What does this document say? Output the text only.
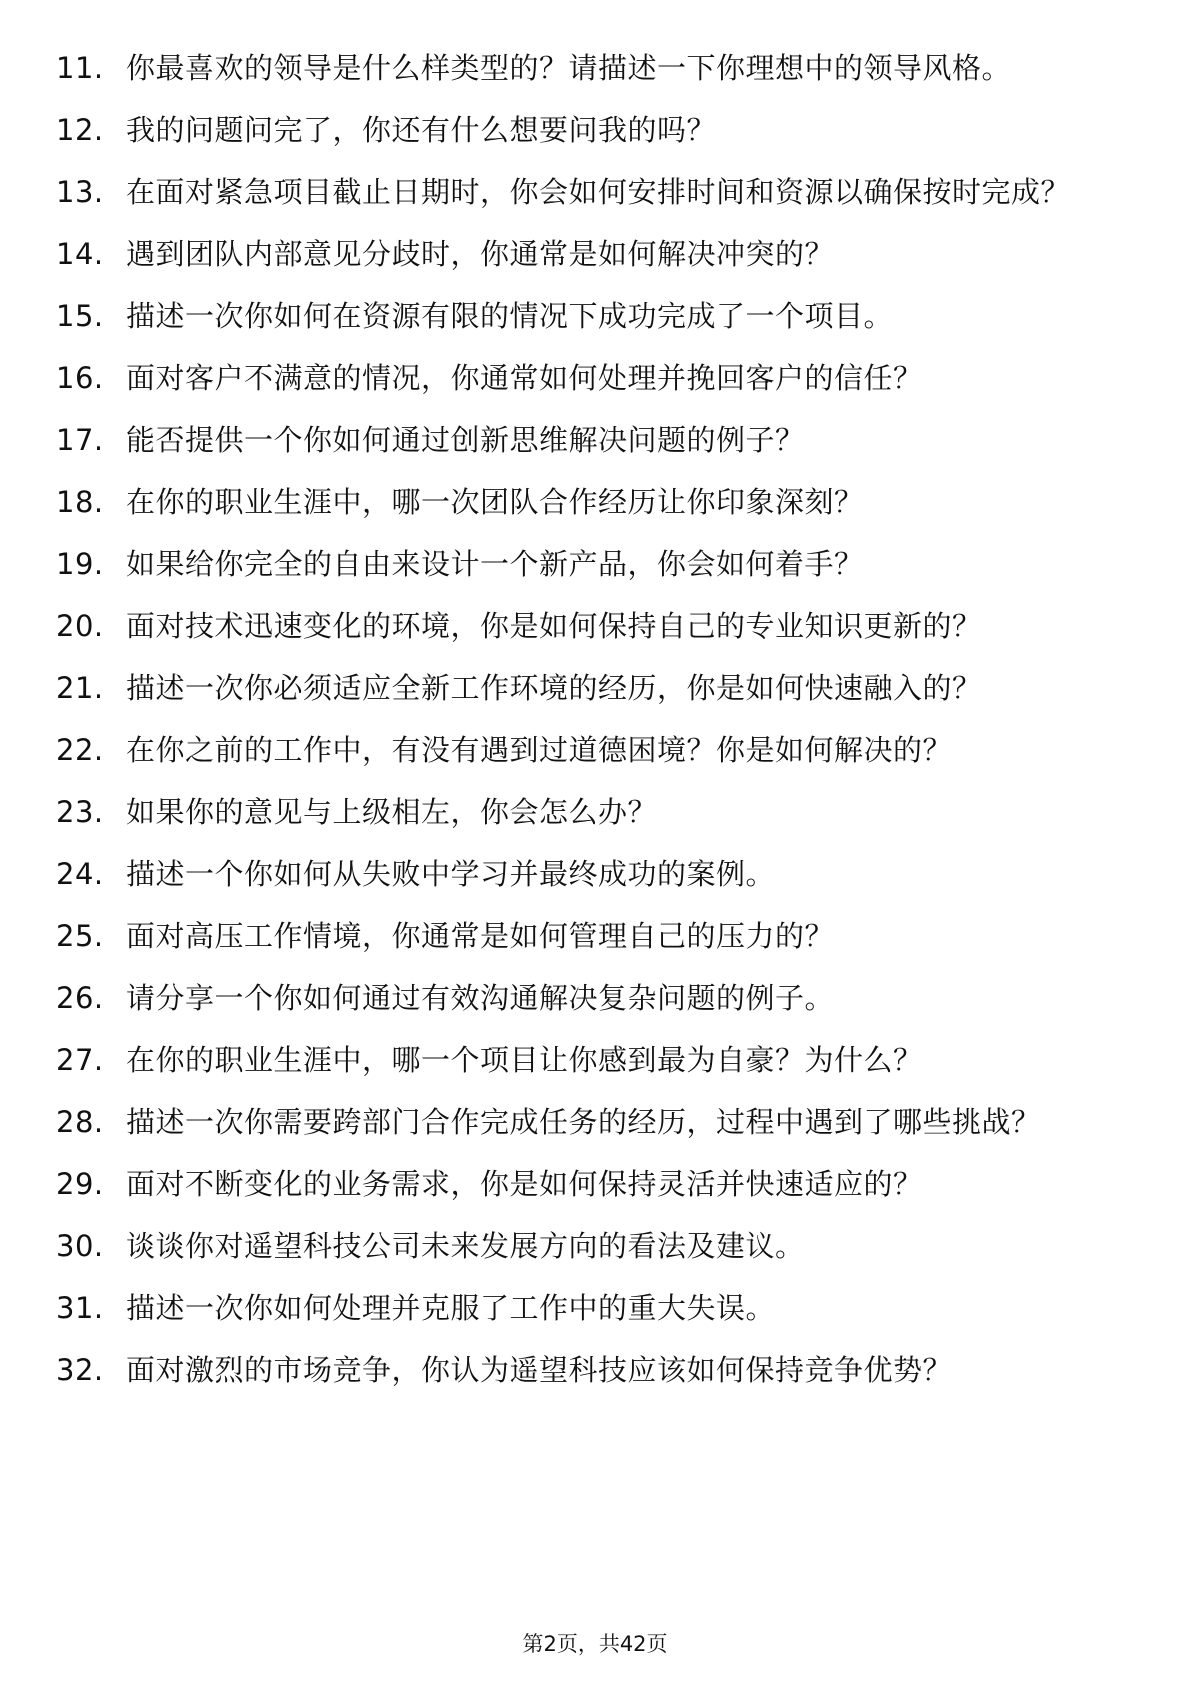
11. 你最喜欢的领导是什么样类型的？请描述一下你理想中的领导风格。
12. 我的问题问完了，你还有什么想要问我的吗？
13. 在面对紧急项目截止日期时，你会如何安排时间和资源以确保按时完成？
14. 遇到团队内部意见分歧时，你通常是如何解决冲突的？
15. 描述一次你如何在资源有限的情况下成功完成了一个项目。
16. 面对客户不满意的情况，你通常如何处理并挽回客户的信任？
17. 能否提供一个你如何通过创新思维解决问题的例子？
18. 在你的职业生涯中，哪一次团队合作经历让你印象深刻？
19. 如果给你完全的自由来设计一个新产品，你会如何着手？
20. 面对技术迅速变化的环境，你是如何保持自己的专业知识更新的？
21. 描述一次你必须适应全新工作环境的经历，你是如何快速融入的？
22. 在你之前的工作中，有没有遇到过道德困境？你是如何解决的？
23. 如果你的意见与上级相左，你会怎么办？
24. 描述一个你如何从失败中学习并最终成功的案例。
25. 面对高压工作情境，你通常是如何管理自己的压力的？
26. 请分享一个你如何通过有效沟通解决复杂问题的例子。
27. 在你的职业生涯中，哪一个项目让你感到最为自豪？为什么？
28. 描述一次你需要跨部门合作完成任务的经历，过程中遇到了哪些挑战？
29. 面对不断变化的业务需求，你是如何保持灵活并快速适应的？
30. 谈谈你对遥望科技公司未来发展方向的看法及建议。
31. 描述一次你如何处理并克服了工作中的重大失误。
32. 面对激烈的市场竞争，你认为遥望科技应该如何保持竞争优势？
第2页，共42页
